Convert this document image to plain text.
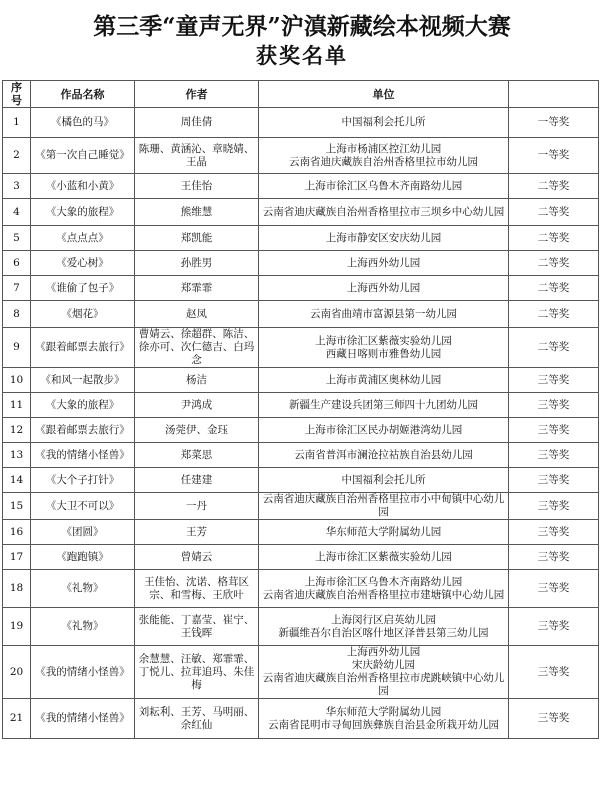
第三季“童声无界”沪滇新藏绘本视频大赛
获奖名单
序号	作品名称	作者	单位	
1	《橘色的马》	周佳倩	中国福利会托儿所	一等奖
2	《第一次自己睡觉》	陈珊、黄涵沁、章晓婧、王晶	上海市杨浦区控江幼儿园
云南省迪庆藏族自治州香格里拉市幼儿园	一等奖
3	《小蓝和小黄》	王佳怡	上海市徐汇区乌鲁木齐南路幼儿园	二等奖
4	《大象的旅程》	熊维慧	云南省迪庆藏族自治州香格里拉市三坝乡中心幼儿园	二等奖
5	《点点点》	郑凯能	上海市静安区安庆幼儿园	二等奖
6	《爱心树》	孙胜男	上海西外幼儿园	二等奖
7	《谁偷了包子》	郑霏霏	上海西外幼儿园	二等奖
8	《烟花》	赵凤	云南省曲靖市富源县第一幼儿园	二等奖
9	《跟着邮票去旅行》	曹婧云、徐超群、陈洁、徐亦可、次仁德吉、白玛念	上海市徐汇区紫薇实验幼儿园
西藏日喀则市雅鲁幼儿园	二等奖
10	《和风一起散步》	杨洁	上海市黄浦区奥林幼儿园	三等奖
11	《大象的旅程》	尹鸿成	新疆生产建设兵团第三师四十九团幼儿园	三等奖
12	《跟着邮票去旅行》	汤莞伊、金珏	上海市徐汇区民办胡姬港湾幼儿园	三等奖
13	《我的情绪小怪兽》	郑菜思	云南省普洱市澜沧拉祜族自治县幼儿园	三等奖
14	《大个子打针》	任建建	中国福利会托儿所	三等奖
15	《大卫不可以》	一丹	云南省迪庆藏族自治州香格里拉市小中甸镇中心幼儿园	三等奖
16	《团圆》	王芳	华东师范大学附属幼儿园	三等奖
17	《跑跑镇》	曾婧云	上海市徐汇区紫薇实验幼儿园	三等奖
18	《礼物》	王佳怡、沈诺、格茸区宗、和雪梅、王欣叶	上海市徐汇区乌鲁木齐南路幼儿园
云南省迪庆藏族自治州香格里拉市建塘镇中心幼儿园	三等奖
19	《礼物》	张能能、丁嘉莹、崔宁、王钱晖	上海闵行区启英幼儿园
新疆维吾尔自治区喀什地区泽普县第三幼儿园	三等奖
20	《我的情绪小怪兽》	余慧慧、汪敏、郑霏霏、丁悦儿、拉茸追玛、朱佳梅	上海西外幼儿园
宋庆龄幼儿园
云南省迪庆藏族自治州香格里拉市虎跳峡镇中心幼儿园	三等奖
21	《我的情绪小怪兽》	刘耘利、王芳、马明丽、余红仙	华东师范大学附属幼儿园
云南省昆明市寻甸回族彝族自治县金所栽开幼儿园	三等奖
